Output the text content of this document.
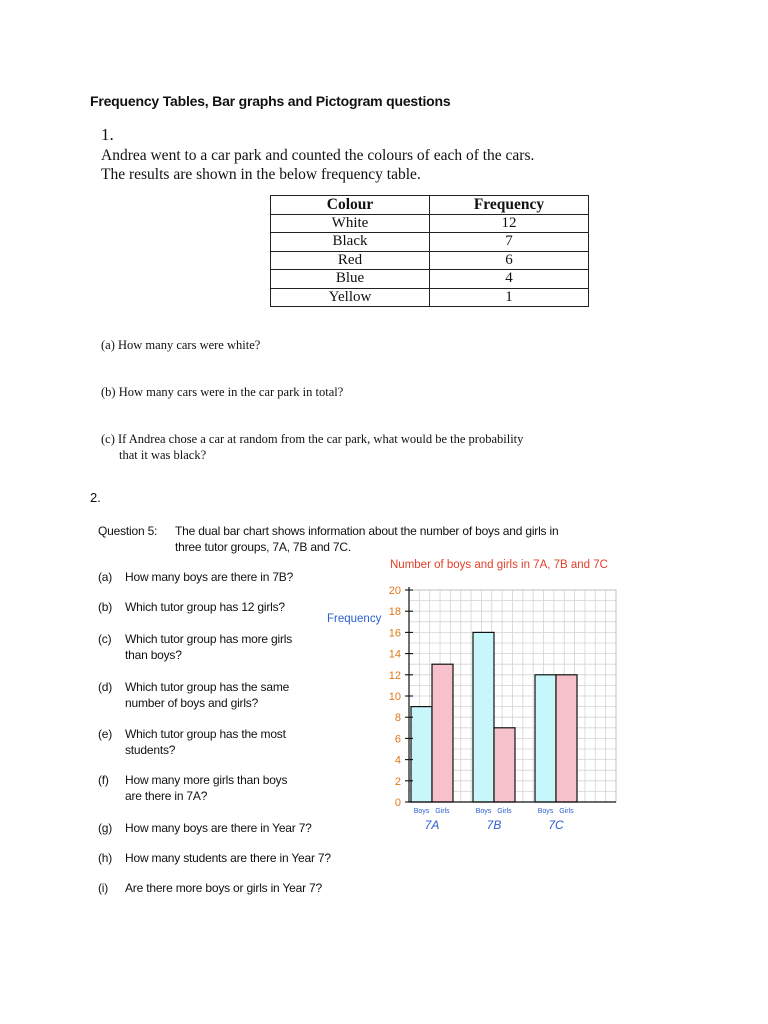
Frequency Tables, Bar graphs and Pictogram questions
1.
Andrea went to a car park and counted the colours of each of the cars.
The results are shown in the below frequency table.
Colour	Frequency
White	12
Black	7
Red	6
Blue	4
Yellow	1
(a) How many cars were white?
(b) How many cars were in the car park in total?
(c) If Andrea chose a car at random from the car park, what would be the probability
that it was black?
2.
Question 5: The dual bar chart shows information about the number of boys and girls in
three tutor groups, 7A, 7B and 7C.
(a) How many boys are there in 7B?
(b) Which tutor group has 12 girls?
(c) Which tutor group has more girls
than boys?
(d) Which tutor group has the same
number of boys and girls?
(e) Which tutor group has the most
students?
(f) How many more girls than boys
are there in 7A?
(g) How many boys are there in Year 7?
(h) How many students are there in Year 7?
(i) Are there more boys or girls in Year 7?
Number of boys and girls in 7A, 7B and 7C
Frequency
Boys Girls
7A
Boys Girls
7B
Boys Girls
7C
0
2
4
6
8
10
12
14
16
18
20
